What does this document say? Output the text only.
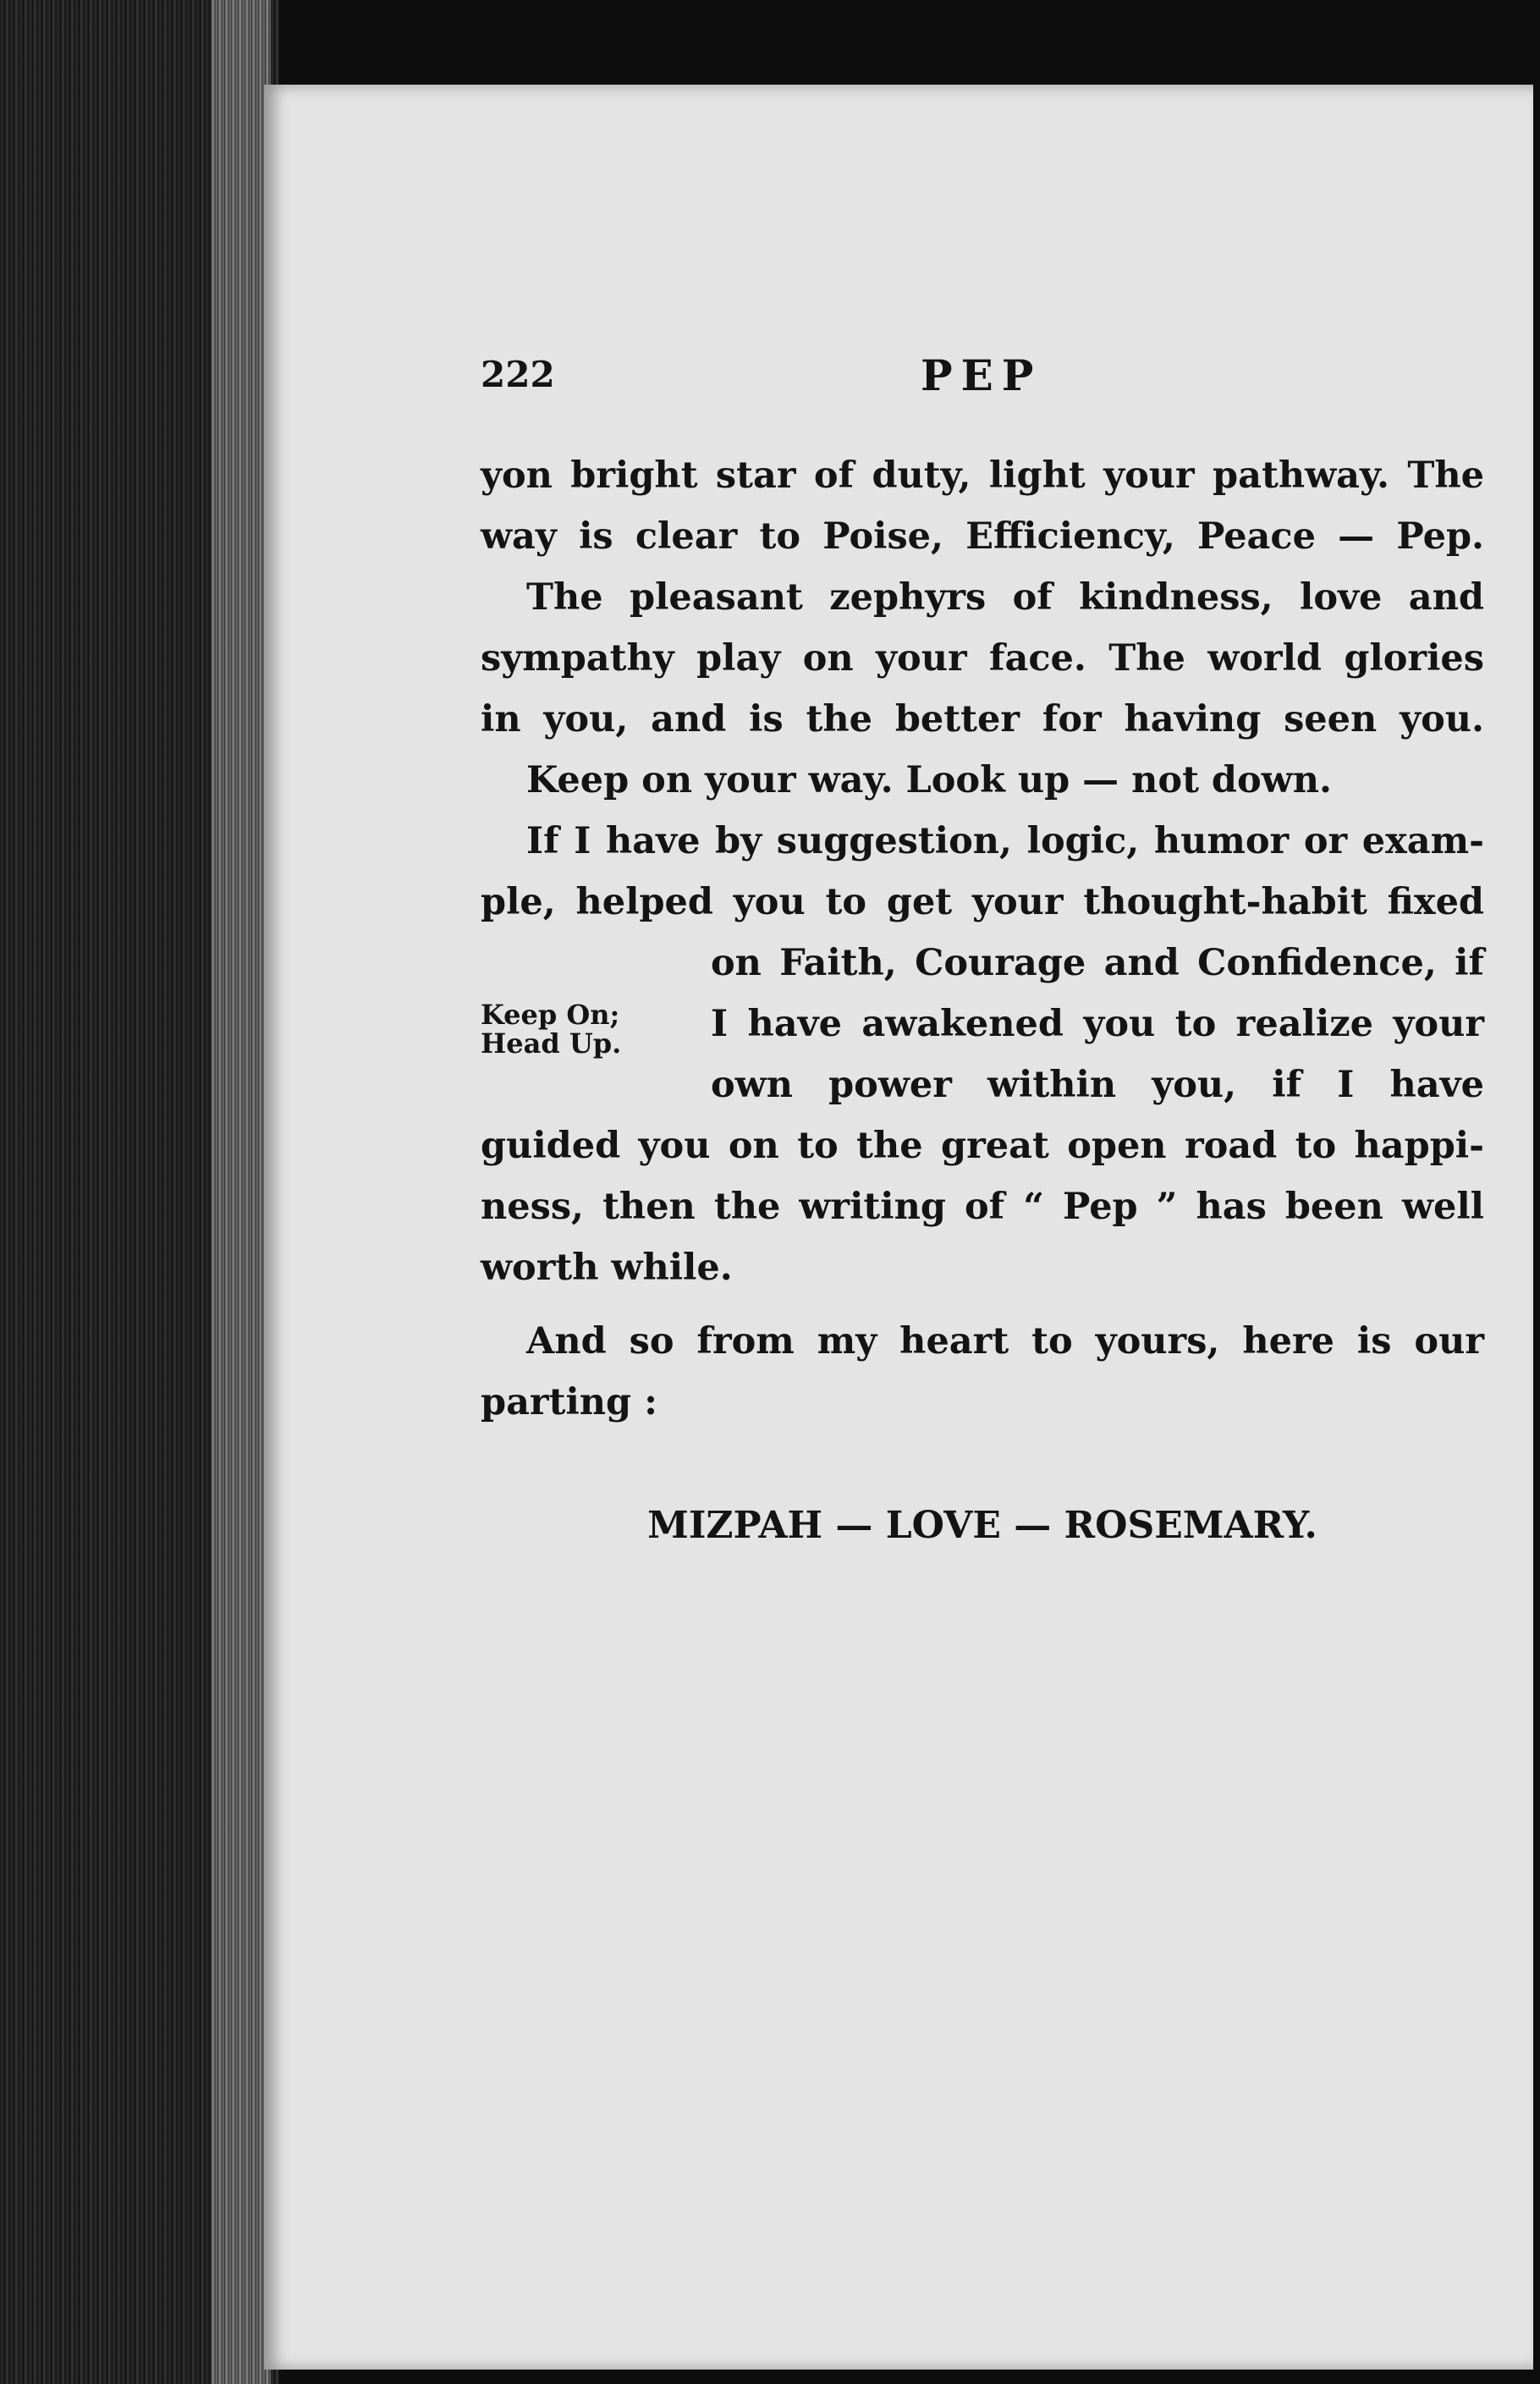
222	PEP
yon bright star of duty, light your pathway. The
way is clear to Poise, Efficiency, Peace — Pep.
The pleasant zephyrs of kindness, love and
sympathy play on your face. The world glories
in you, and is the better for having seen you.
Keep on your way. Look up — not down.
If I have by suggestion, logic, humor or exam-
ple, helped you to get your thought-habit fixed
on Faith, Courage and Confidence, if
I have awakened you to realize your
own power within you, if I have
guided you on to the great open road to happi-
ness, then the writing of “ Pep ” has been well
worth while.
And so from my heart to yours, here is our
parting :
Keep On;
Head Up.
MIZPAH — LOVE — ROSEMARY.
